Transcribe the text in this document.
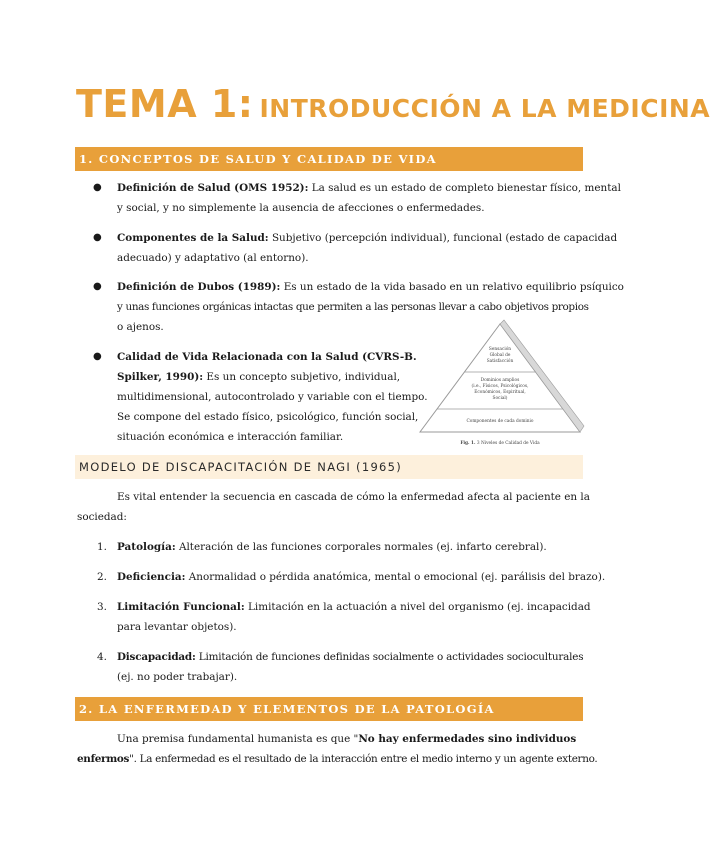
TEMA 1: INTRODUCCIÓN A LA MEDICINA
1. CONCEPTOS DE SALUD Y CALIDAD DE VIDA
● Definición de Salud (OMS 1952): La salud es un estado de completo bienestar físico, mental
y social, y no simplemente la ausencia de afecciones o enfermedades.
● Componentes de la Salud: Subjetivo (percepción individual), funcional (estado de capacidad
adecuado) y adaptativo (al entorno).
● Definición de Dubos (1989): Es un estado de la vida basado en un relativo equilibrio psíquico
y unas funciones orgánicas intactas que permiten a las personas llevar a cabo objetivos propios
o ajenos.
● Calidad de Vida Relacionada con la Salud (CVRS-B.
Spilker, 1990): Es un concepto subjetivo, individual,
multidimensional, autocontrolado y variable con el tiempo.
Se compone del estado físico, psicológico, función social,
situación económica e interacción familiar.
Sensación
Global de
Satisfacción
Dominios amplios
(i.e., Físicos, Psicológicos,
Económicos, Espiritual,
Social)
Componentes de cada dominio
Fig. 1. 3 Niveles de Calidad de Vida
MODELO DE DISCAPACITACIÓN DE NAGI (1965)
Es vital entender la secuencia en cascada de cómo la enfermedad afecta al paciente en la
sociedad:
1. Patología: Alteración de las funciones corporales normales (ej. infarto cerebral).
2. Deficiencia: Anormalidad o pérdida anatómica, mental o emocional (ej. parálisis del brazo).
3. Limitación Funcional: Limitación en la actuación a nivel del organismo (ej. incapacidad
para levantar objetos).
4. Discapacidad: Limitación de funciones definidas socialmente o actividades socioculturales
(ej. no poder trabajar).
2. LA ENFERMEDAD Y ELEMENTOS DE LA PATOLOGÍA
Una premisa fundamental humanista es que "No hay enfermedades sino individuos
enfermos". La enfermedad es el resultado de la interacción entre el medio interno y un agente externo.
